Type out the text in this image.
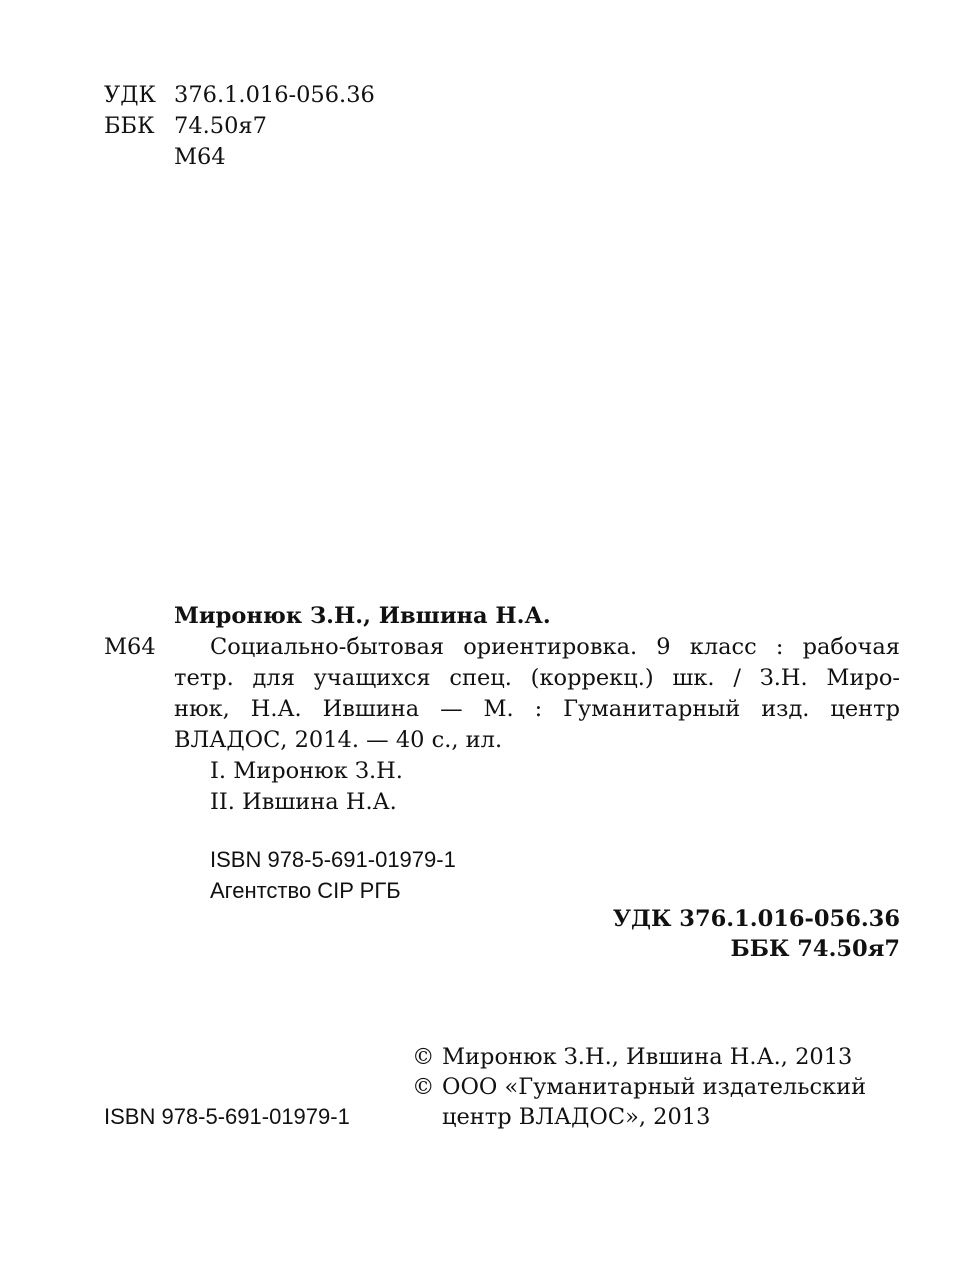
УДК 376.1.016-056.36
ББК 74.50я7
М64
Миронюк З.Н., Ившина Н.А.
М64 Социально-бытовая ориентировка. 9 класс : рабочая
тетр. для учащихся спец. (коррекц.) шк. / З.Н. Миро-
нюк, Н.А. Ившина — М. : Гуманитарный изд. центр
ВЛАДОС, 2014. — 40 с., ил.
I. Миронюк З.Н.
II. Ившина Н.А.
ISBN 978-5-691-01979-1
Агентство CIP РГБ
УДК 376.1.016-056.36
ББК 74.50я7
© Миронюк З.Н., Ившина Н.А., 2013
© ООО «Гуманитарный издательский
центр ВЛАДОС», 2013
ISBN 978-5-691-01979-1
